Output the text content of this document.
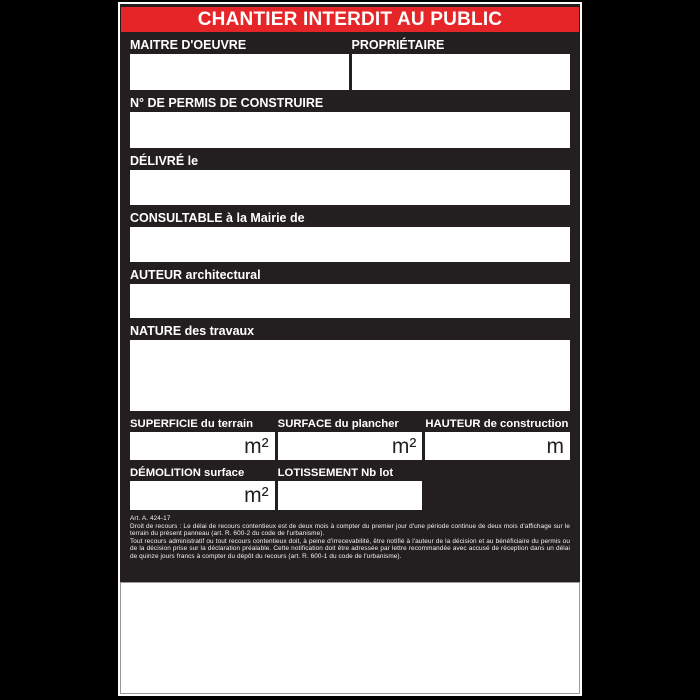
CHANTIER INTERDIT AU PUBLIC
MAITRE D'OEUVRE	PROPRIÉTAIRE
N° DE PERMIS DE CONSTRUIRE
DÉLIVRÉ le
CONSULTABLE à la Mairie de
AUTEUR architectural
NATURE des travaux
SUPERFICIE du terrain	SURFACE du plancher	HAUTEUR de construction
m²	m²	m
DÉMOLITION surface	LOTISSEMENT Nb lot
m²
Art. A. 424-17
Droit de recours : Le délai de recours contentieux est de deux mois à compter du premier jour d'une période continue de deux mois d'affichage sur le terrain du présent panneau (art. R. 600-2 du code de l'urbanisme).
Tout recours administratif ou tout recours contentieux doit, à peine d'irrecevabilité, être notifié à l'auteur de la décision et au bénéficiaire du permis ou de la décision prise sur la déclaration préalable. Cette notification doit être adressée par lettre recommandée avec accusé de réception dans un délai de quinze jours francs à compter du dépôt du recours (art. R. 600-1 du code de l'urbanisme).
